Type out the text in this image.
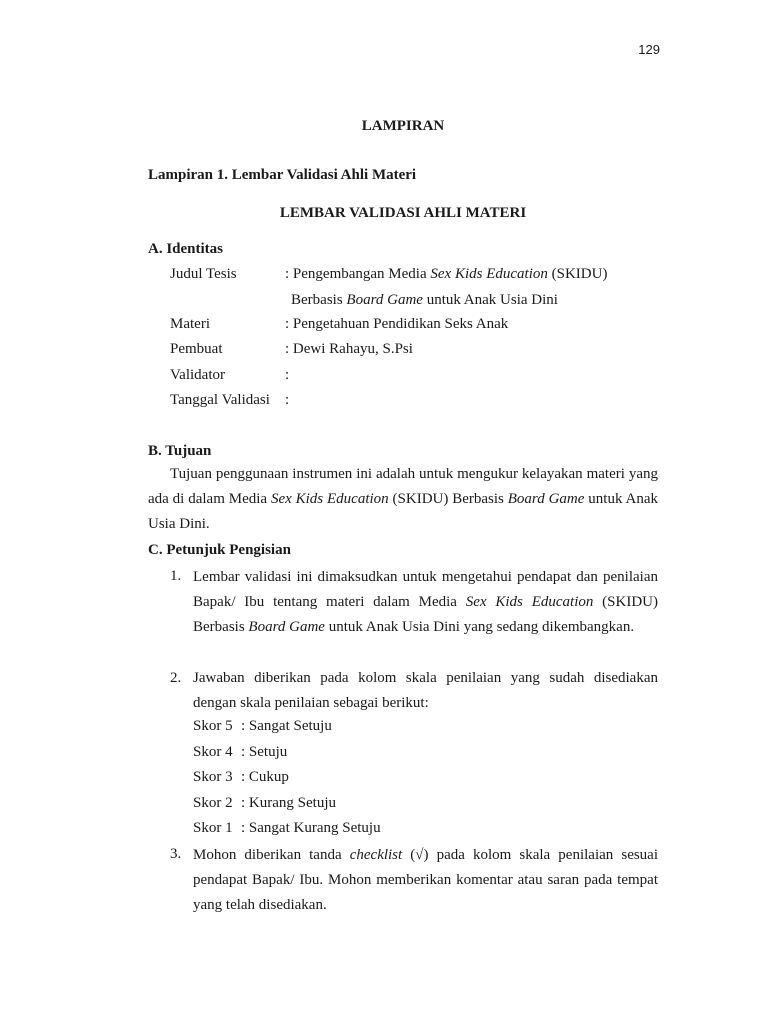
129
LAMPIRAN
Lampiran 1. Lembar Validasi Ahli Materi
LEMBAR VALIDASI AHLI MATERI
A. Identitas
Judul Tesis	: Pengembangan Media Sex Kids Education (SKIDU)
Berbasis Board Game untuk Anak Usia Dini
Materi	: Pengetahuan Pendidikan Seks Anak
Pembuat	: Dewi Rahayu, S.Psi
Validator	:
Tanggal Validasi :
B. Tujuan
Tujuan penggunaan instrumen ini adalah untuk mengukur kelayakan materi yang ada di dalam Media Sex Kids Education (SKIDU) Berbasis Board Game untuk Anak Usia Dini.
C. Petunjuk Pengisian
1. Lembar validasi ini dimaksudkan untuk mengetahui pendapat dan penilaian Bapak/ Ibu tentang materi dalam Media Sex Kids Education (SKIDU) Berbasis Board Game untuk Anak Usia Dini yang sedang dikembangkan.
2. Jawaban diberikan pada kolom skala penilaian yang sudah disediakan dengan skala penilaian sebagai berikut:
Skor 5 : Sangat Setuju
Skor 4 : Setuju
Skor 3 : Cukup
Skor 2 : Kurang Setuju
Skor 1 : Sangat Kurang Setuju
3. Mohon diberikan tanda checklist (√) pada kolom skala penilaian sesuai pendapat Bapak/ Ibu. Mohon memberikan komentar atau saran pada tempat yang telah disediakan.
